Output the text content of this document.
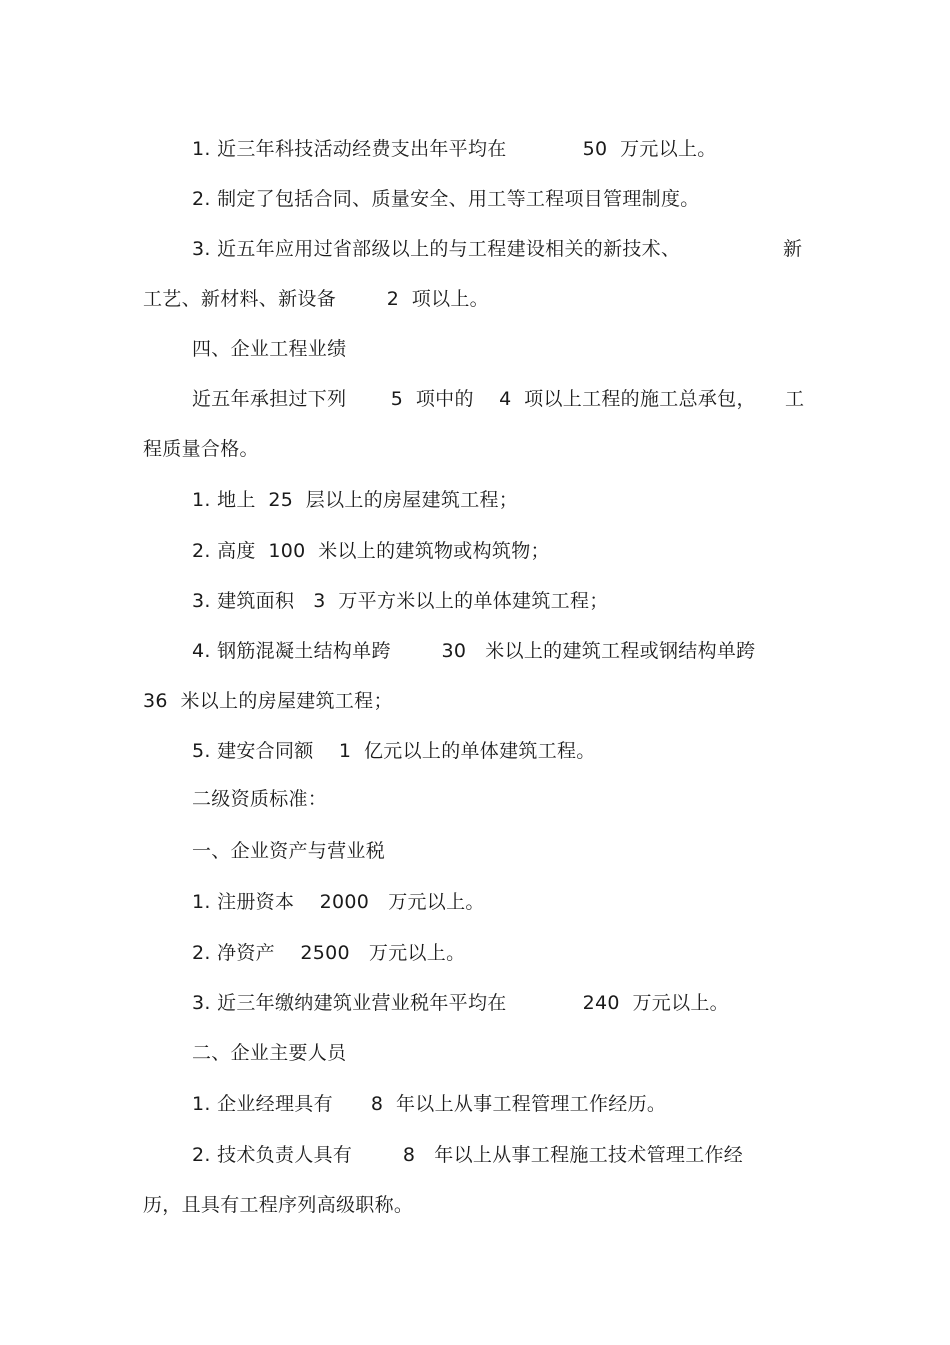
1. 近三年科技活动经费支出年平均在            50  万元以上。
2. 制定了包括合同、质量安全、用工等工程项目管理制度。
3. 近五年应用过省部级以上的与工程建设相关的新技术、	新
工艺、新材料、新设备        2  项以上。
四、企业工程业绩
近五年承担过下列       5  项中的    4  项以上工程的施工总承包， 工
程质量合格。
1. 地上  25  层以上的房屋建筑工程；
2. 高度  100  米以上的建筑物或构筑物；
3. 建筑面积   3  万平方米以上的单体建筑工程；
4. 钢筋混凝土结构单跨        30   米以上的建筑工程或钢结构单跨
36  米以上的房屋建筑工程；
5. 建安合同额    1  亿元以上的单体建筑工程。
二级资质标准：
一、企业资产与营业税
1. 注册资本    2000   万元以上。
2. 净资产    2500   万元以上。
3. 近三年缴纳建筑业营业税年平均在            240  万元以上。
二、企业主要人员
1. 企业经理具有      8  年以上从事工程管理工作经历。
2. 技术负责人具有        8   年以上从事工程施工技术管理工作经
历，且具有工程序列高级职称。
